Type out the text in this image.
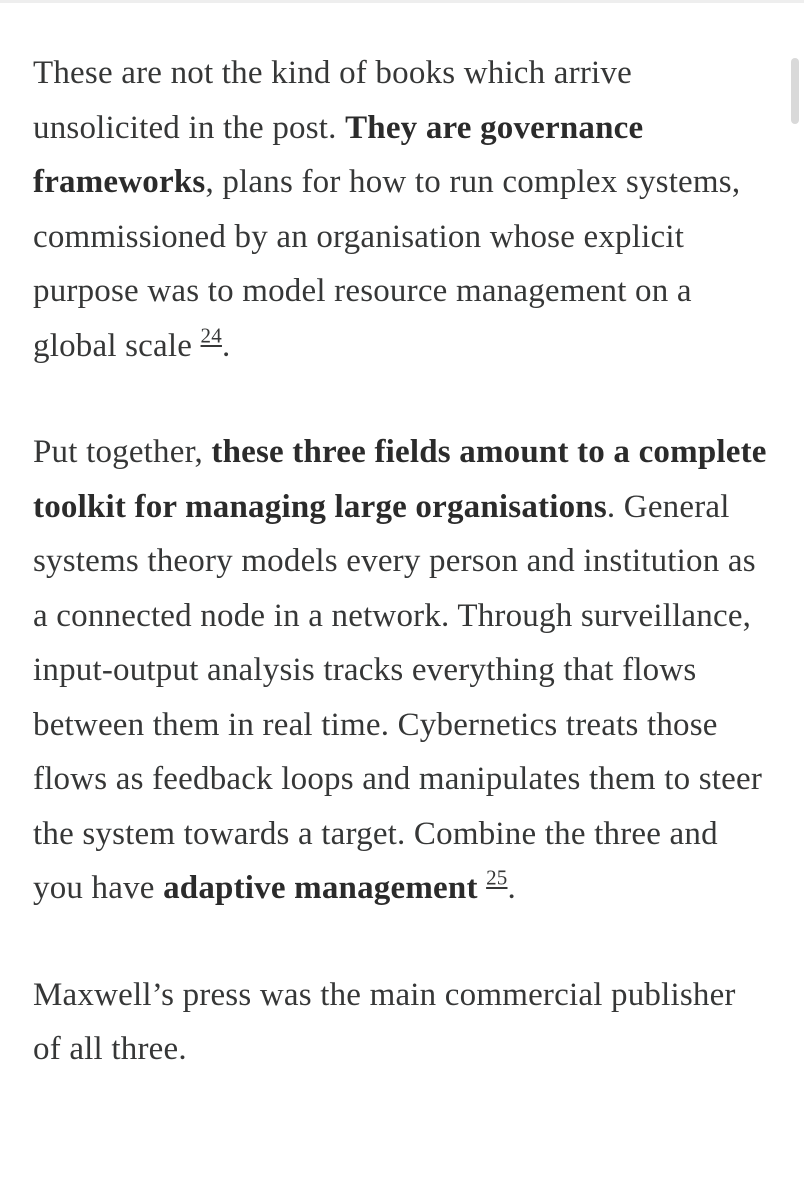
These are not the kind of books which arrive unsolicited in the post. They are governance frameworks, plans for how to run complex systems, commissioned by an organisation whose explicit purpose was to model resource management on a global scale $^{24}$.

Put together, these three fields amount to a complete toolkit for managing large organisations. General systems theory models every person and institution as a connected node in a network. Through surveillance, input-output analysis tracks everything that flows between them in real time. Cybernetics treats those flows as feedback loops and manipulates them to steer the system towards a target. Combine the three and you have adaptive management $^{25}$.

Maxwell’s press was the main commercial publisher of all three.
